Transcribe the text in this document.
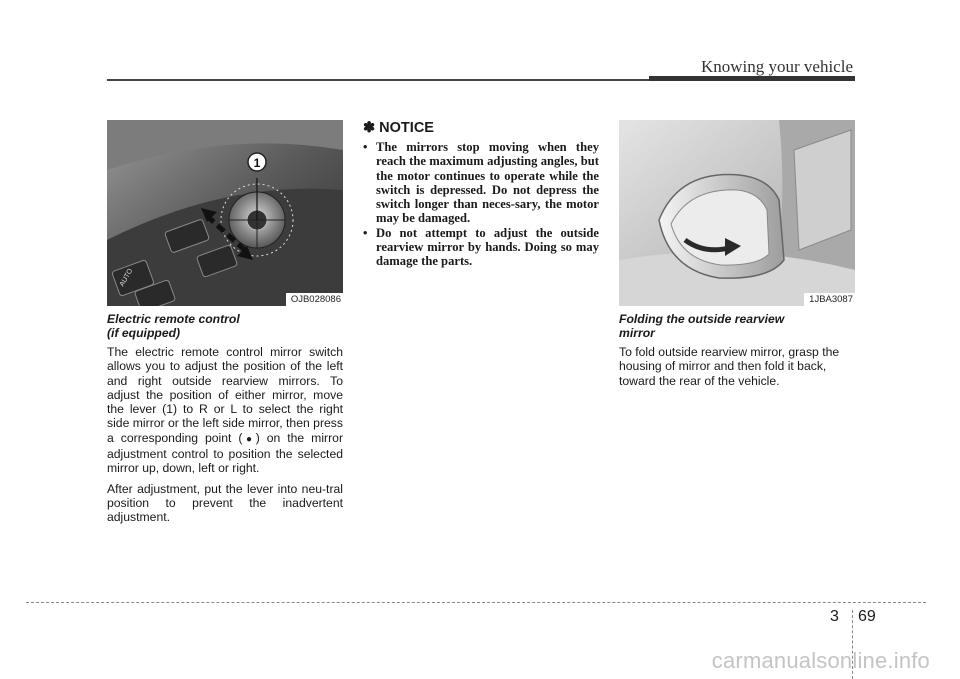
Knowing your vehicle
AUTO
1
OJB028086	1JBA3087
Electric remote control
(if equipped)

The electric remote control mirror switch allows you to adjust the position of the left and right outside rearview mirrors. To adjust the position of either mirror, move the lever (1) to R or L to select the right side mirror or the left side mirror, then press a corresponding point (●) on the mirror adjustment control to position the selected mirror up, down, left or right.

After adjustment, put the lever into neu-tral position to prevent the inadvertent adjustment.

✽ NOTICE
• The mirrors stop moving when they reach the maximum adjusting angles, but the motor continues to operate while the switch is depressed. Do not depress the switch longer than neces-sary, the motor may be damaged.
• Do not attempt to adjust the outside rearview mirror by hands. Doing so may damage the parts.
Folding the outside rearview
mirror

To fold outside rearview mirror, grasp the housing of mirror and then fold it back, toward the rear of the vehicle.

3 69
carmanualsonline.info
